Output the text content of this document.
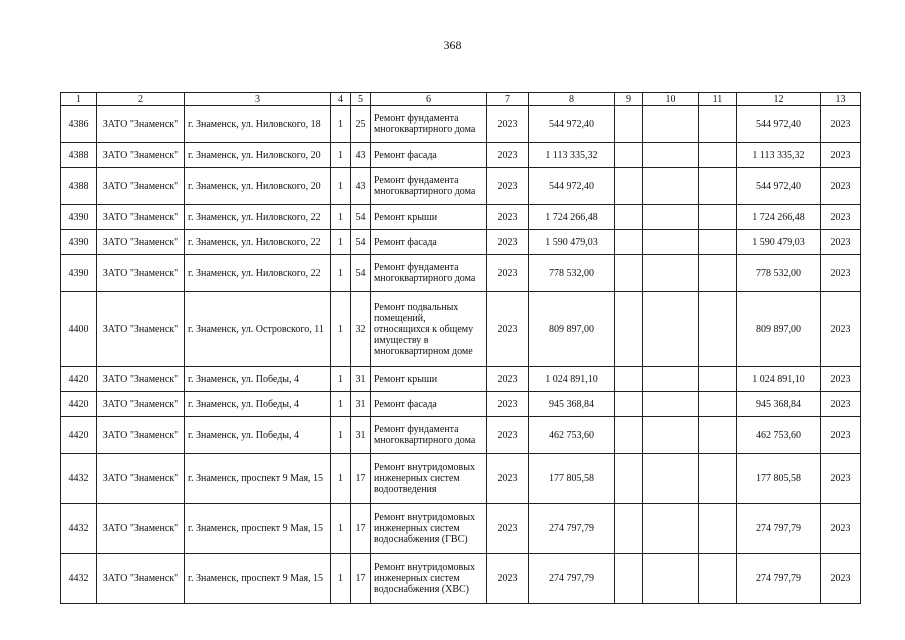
368
1	2	3	4	5	6	7	8	9	10	11	12	13
4386	ЗАТО "Знаменск"	г. Знаменск, ул. Ниловского, 18	1	25	Ремонт фундамента многоквартирного дома	2023	544 972,40				544 972,40	2023
4388	ЗАТО "Знаменск"	г. Знаменск, ул. Ниловского, 20	1	43	Ремонт фасада	2023	1 113 335,32				1 113 335,32	2023
4388	ЗАТО "Знаменск"	г. Знаменск, ул. Ниловского, 20	1	43	Ремонт фундамента многоквартирного дома	2023	544 972,40				544 972,40	2023
4390	ЗАТО "Знаменск"	г. Знаменск, ул. Ниловского, 22	1	54	Ремонт крыши	2023	1 724 266,48				1 724 266,48	2023
4390	ЗАТО "Знаменск"	г. Знаменск, ул. Ниловского, 22	1	54	Ремонт фасада	2023	1 590 479,03				1 590 479,03	2023
4390	ЗАТО "Знаменск"	г. Знаменск, ул. Ниловского, 22	1	54	Ремонт фундамента многоквартирного дома	2023	778 532,00				778 532,00	2023
4400	ЗАТО "Знаменск"	г. Знаменск, ул. Островского, 11	1	32	Ремонт подвальных помещений, относящихся к общему имуществу в многоквартирном доме	2023	809 897,00				809 897,00	2023
4420	ЗАТО "Знаменск"	г. Знаменск, ул. Победы, 4	1	31	Ремонт крыши	2023	1 024 891,10				1 024 891,10	2023
4420	ЗАТО "Знаменск"	г. Знаменск, ул. Победы, 4	1	31	Ремонт фасада	2023	945 368,84				945 368,84	2023
4420	ЗАТО "Знаменск"	г. Знаменск, ул. Победы, 4	1	31	Ремонт фундамента многоквартирного дома	2023	462 753,60				462 753,60	2023
4432	ЗАТО "Знаменск"	г. Знаменск, проспект 9 Мая, 15	1	17	Ремонт внутридомовых инженерных систем водоотведения	2023	177 805,58				177 805,58	2023
4432	ЗАТО "Знаменск"	г. Знаменск, проспект 9 Мая, 15	1	17	Ремонт внутридомовых инженерных систем водоснабжения (ГВС)	2023	274 797,79				274 797,79	2023
4432	ЗАТО "Знаменск"	г. Знаменск, проспект 9 Мая, 15	1	17	Ремонт внутридомовых инженерных систем водоснабжения (ХВС)	2023	274 797,79				274 797,79	2023
